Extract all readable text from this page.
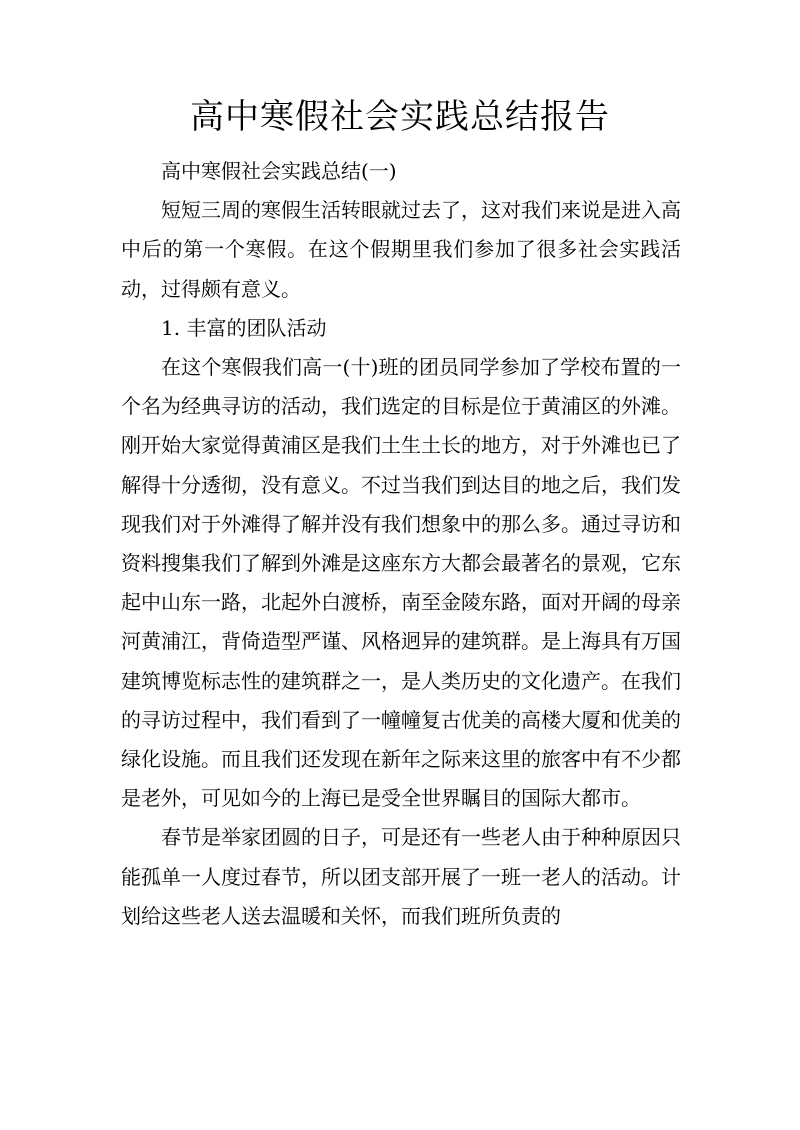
高中寒假社会实践总结报告

高中寒假社会实践总结(一)

短短三周的寒假生活转眼就过去了，这对我们来说是进入高中后的第一个寒假。在这个假期里我们参加了很多社会实践活动，过得颇有意义。

1. 丰富的团队活动

在这个寒假我们高一(十)班的团员同学参加了学校布置的一个名为经典寻访的活动，我们选定的目标是位于黄浦区的外滩。刚开始大家觉得黄浦区是我们土生土长的地方，对于外滩也已了解得十分透彻，没有意义。不过当我们到达目的地之后，我们发现我们对于外滩得了解并没有我们想象中的那么多。通过寻访和资料搜集我们了解到外滩是这座东方大都会最著名的景观，它东起中山东一路，北起外白渡桥，南至金陵东路，面对开阔的母亲河黄浦江，背倚造型严谨、风格迥异的建筑群。是上海具有万国建筑博览标志性的建筑群之一，是人类历史的文化遗产。在我们的寻访过程中，我们看到了一幢幢复古优美的高楼大厦和优美的绿化设施。而且我们还发现在新年之际来这里的旅客中有不少都是老外，可见如今的上海已是受全世界瞩目的国际大都市。

春节是举家团圆的日子，可是还有一些老人由于种种原因只能孤单一人度过春节，所以团支部开展了一班一老人的活动。计划给这些老人送去温暖和关怀，而我们班所负责的
